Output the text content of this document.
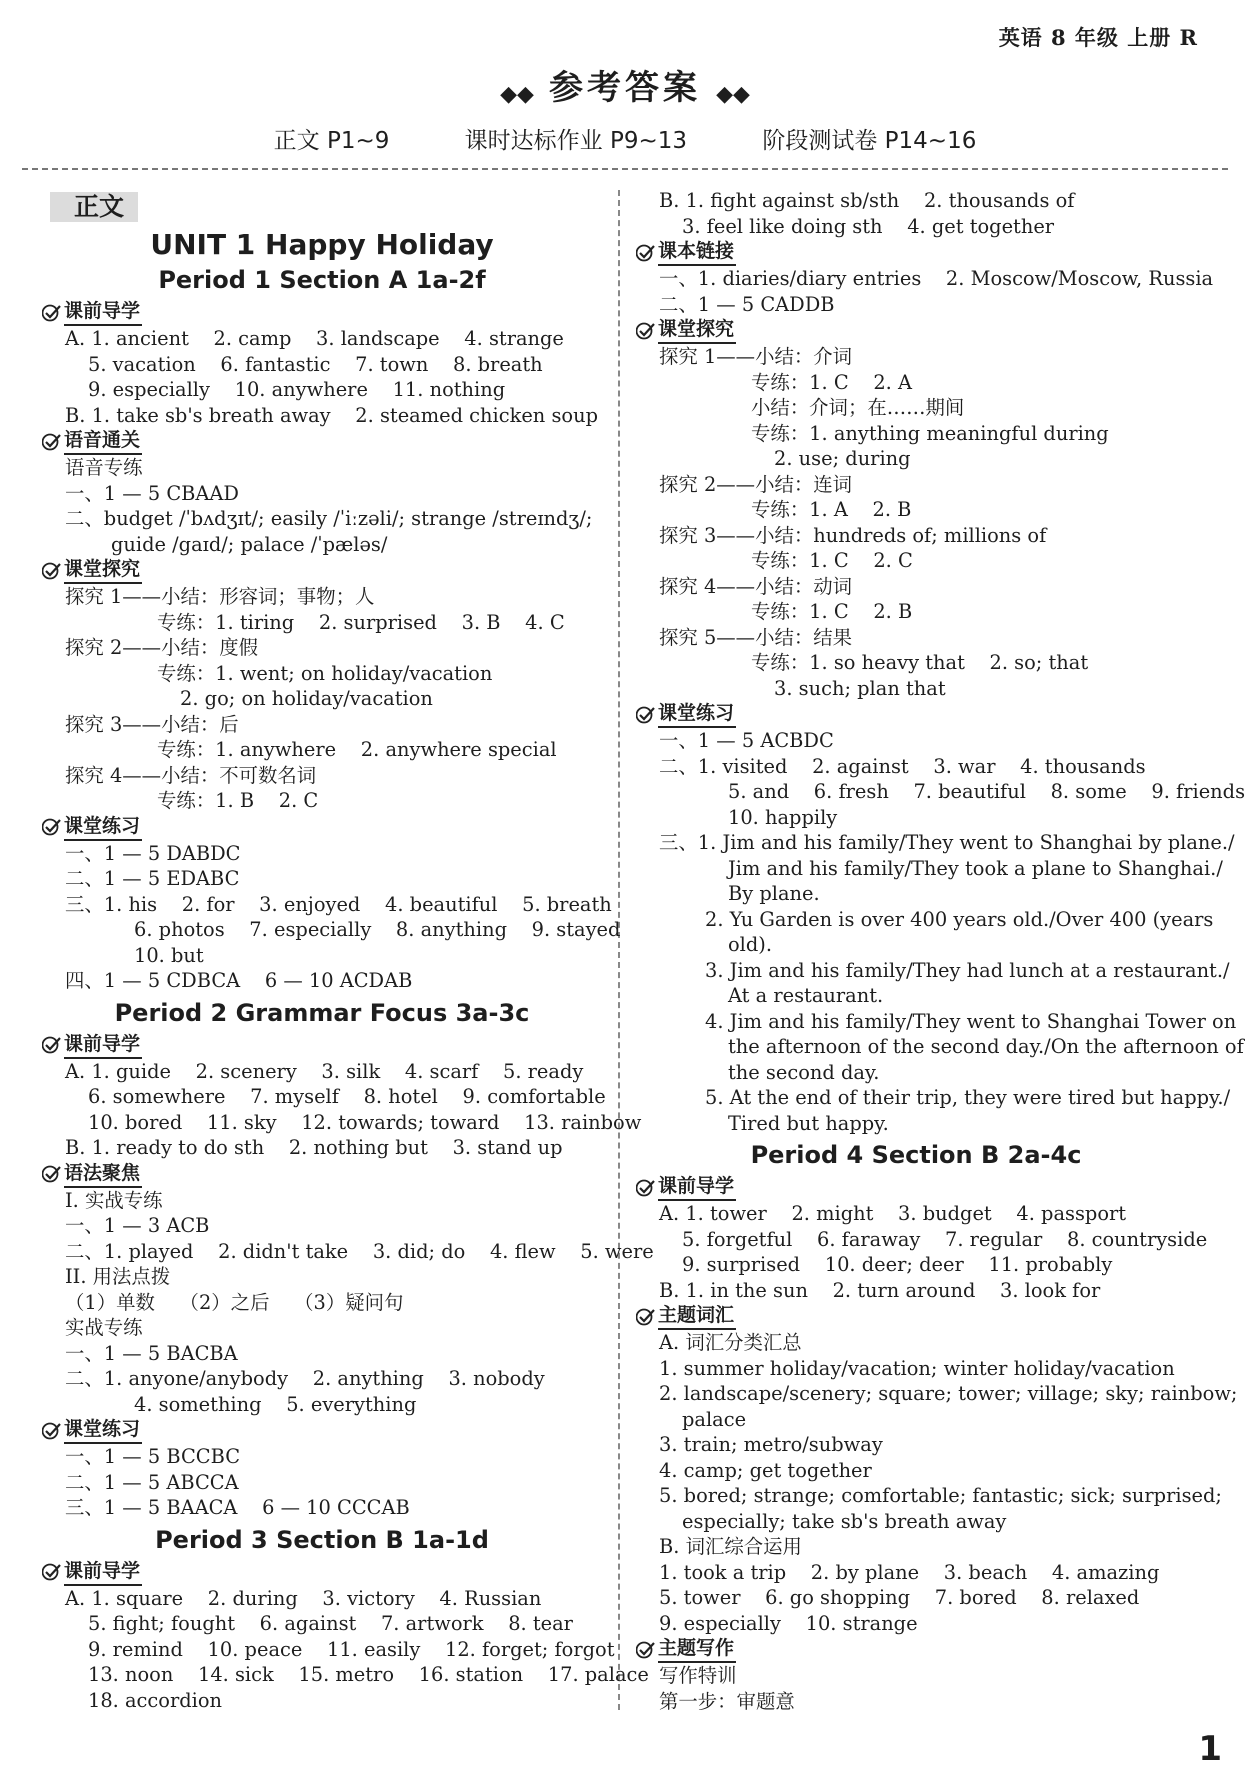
英语 8 年级 上册 R
◆◆ 参考答案 ◆◆
正文 P1~9	课时达标作业 P9~13	阶段测试卷 P14~16
正文
UNIT 1 Happy Holiday
Period 1 Section A 1a-2f
课前导学
A. 1. ancient    2. camp    3. landscape    4. strange
5. vacation    6. fantastic    7. town    8. breath
9. especially    10. anywhere    11. nothing
B. 1. take sb's breath away    2. steamed chicken soup
语音通关
语音专练
一、1 — 5 CBAAD
二、budget /ˈbʌdʒɪt/; easily /ˈiːzəli/; strange /streɪndʒ/;
guide /gaɪd/; palace /ˈpæləs/
课堂探究
探究 1——小结：形容词；事物；人
专练：1. tiring    2. surprised    3. B    4. C
探究 2——小结：度假
专练：1. went; on holiday/vacation
2. go; on holiday/vacation
探究 3——小结：后
专练：1. anywhere    2. anywhere special
探究 4——小结：不可数名词
专练：1. B    2. C
课堂练习
一、1 — 5 DABDC
二、1 — 5 EDABC
三、1. his    2. for    3. enjoyed    4. beautiful    5. breath
6. photos    7. especially    8. anything    9. stayed
10. but
四、1 — 5 CDBCA    6 — 10 ACDAB
Period 2 Grammar Focus 3a-3c
课前导学
A. 1. guide    2. scenery    3. silk    4. scarf    5. ready
6. somewhere    7. myself    8. hotel    9. comfortable
10. bored    11. sky    12. towards; toward    13. rainbow
B. 1. ready to do sth    2. nothing but    3. stand up
语法聚焦
I. 实战专练
一、1 — 3 ACB
二、1. played    2. didn't take    3. did; do    4. flew    5. were
II. 用法点拨
（1）单数    （2）之后    （3）疑问句
实战专练
一、1 — 5 BACBA
二、1. anyone/anybody    2. anything    3. nobody
4. something    5. everything
课堂练习
一、1 — 5 BCCBC
二、1 — 5 ABCCA
三、1 — 5 BAACA    6 — 10 CCCAB
Period 3 Section B 1a-1d
课前导学
A. 1. square    2. during    3. victory    4. Russian
5. fight; fought    6. against    7. artwork    8. tear
9. remind    10. peace    11. easily    12. forget; forgot
13. noon    14. sick    15. metro    16. station    17. palace
18. accordion
B. 1. fight against sb/sth    2. thousands of
3. feel like doing sth    4. get together
课本链接
一、1. diaries/diary entries    2. Moscow/Moscow, Russia
二、1 — 5 CADDB
课堂探究
探究 1——小结：介词
专练：1. C    2. A
小结：介词；在……期间
专练：1. anything meaningful during
2. use; during
探究 2——小结：连词
专练：1. A    2. B
探究 3——小结：hundreds of; millions of
专练：1. C    2. C
探究 4——小结：动词
专练：1. C    2. B
探究 5——小结：结果
专练：1. so heavy that    2. so; that
3. such; plan that
课堂练习
一、1 — 5 ACBDC
二、1. visited    2. against    3. war    4. thousands
5. and    6. fresh    7. beautiful    8. some    9. friends
10. happily
三、1. Jim and his family/They went to Shanghai by plane./
Jim and his family/They took a plane to Shanghai./
By plane.
2. Yu Garden is over 400 years old./Over 400 (years
old).
3. Jim and his family/They had lunch at a restaurant./
At a restaurant.
4. Jim and his family/They went to Shanghai Tower on
the afternoon of the second day./On the afternoon of
the second day.
5. At the end of their trip, they were tired but happy./
Tired but happy.
Period 4 Section B 2a-4c
课前导学
A. 1. tower    2. might    3. budget    4. passport
5. forgetful    6. faraway    7. regular    8. countryside
9. surprised    10. deer; deer    11. probably
B. 1. in the sun    2. turn around    3. look for
主题词汇
A. 词汇分类汇总
1. summer holiday/vacation; winter holiday/vacation
2. landscape/scenery; square; tower; village; sky; rainbow;
palace
3. train; metro/subway
4. camp; get together
5. bored; strange; comfortable; fantastic; sick; surprised;
especially; take sb's breath away
B. 词汇综合运用
1. took a trip    2. by plane    3. beach    4. amazing
5. tower    6. go shopping    7. bored    8. relaxed
9. especially    10. strange
主题写作
写作特训
第一步：审题意
1
